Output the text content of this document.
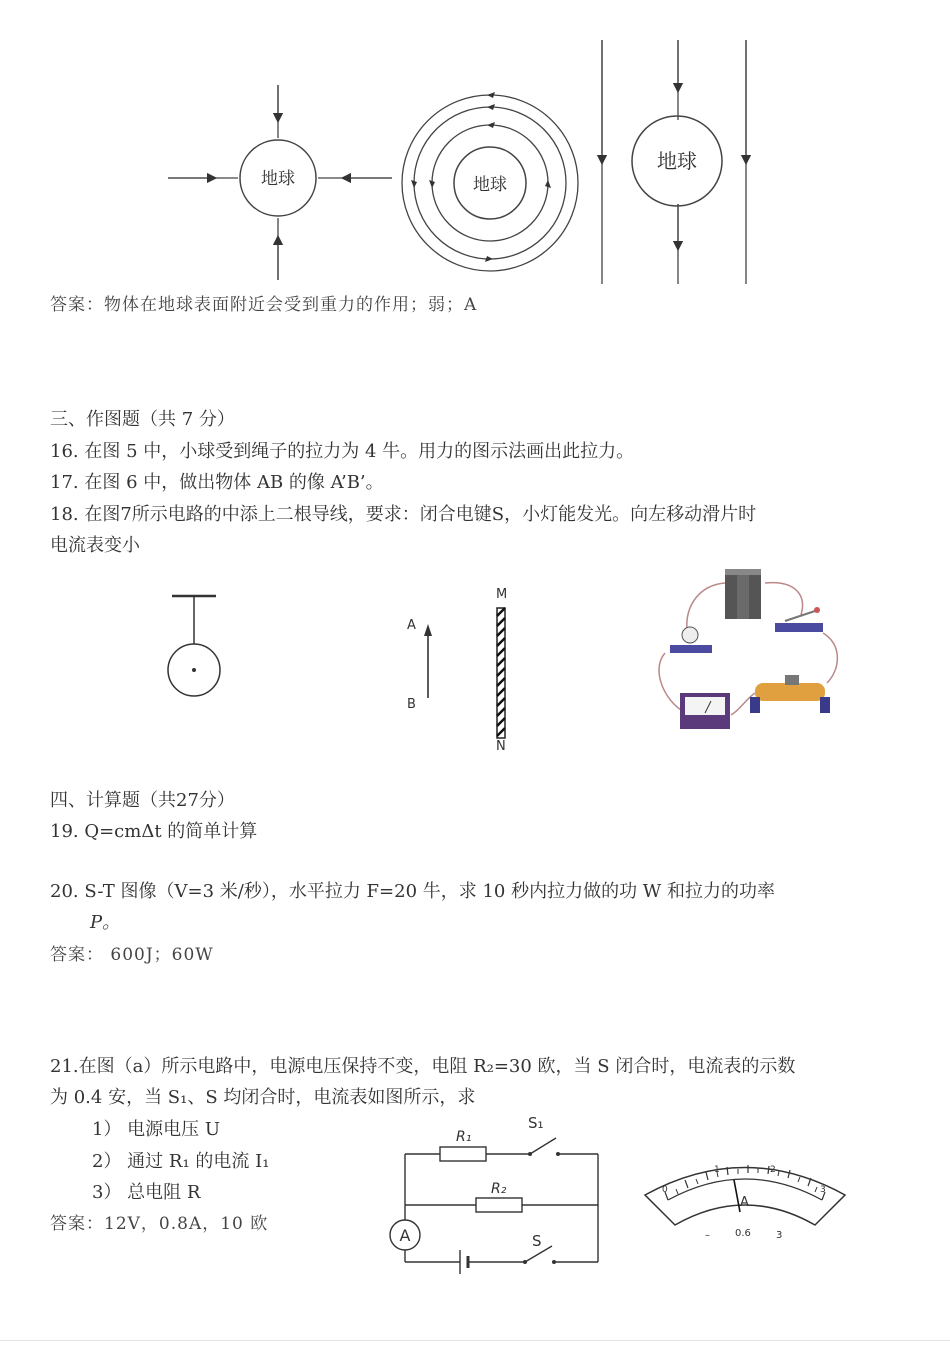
地球	地球
地球
答案：物体在地球表面附近会受到重力的作用；弱；A
三、作图题（共 7 分）
16. 在图 5 中，小球受到绳子的拉力为 4 牛。用力的图示法画出此拉力。
17. 在图 6 中，做出物体 AB 的像 A’B’。
18. 在图7所示电路的中添上二根导线，要求：闭合电键S，小灯能发光。向左移动滑片时
电流表变小
A
B
M
N
四、计算题（共27分）
19. Q=cmΔt 的简单计算
20. S-T 图像（V=3 米/秒），水平拉力 F=20 牛，求 10 秒内拉力做的功 W 和拉力的功率
P。
答案： 600J；60W
21.在图（a）所示电路中，电源电压保持不变，电阻 R₂=30 欧，当 S 闭合时，电流表的示数
为 0.4 安，当 S₁、S 均闭合时，电流表如图所示，求
1） 电源电压 U
2） 通过 R₁ 的电流 I₁
3） 总电阻 R
答案：12V，0.8A，10 欧
R₁
S₁
R₂
A	S
0
1	2
3
A
–	0.6	3
